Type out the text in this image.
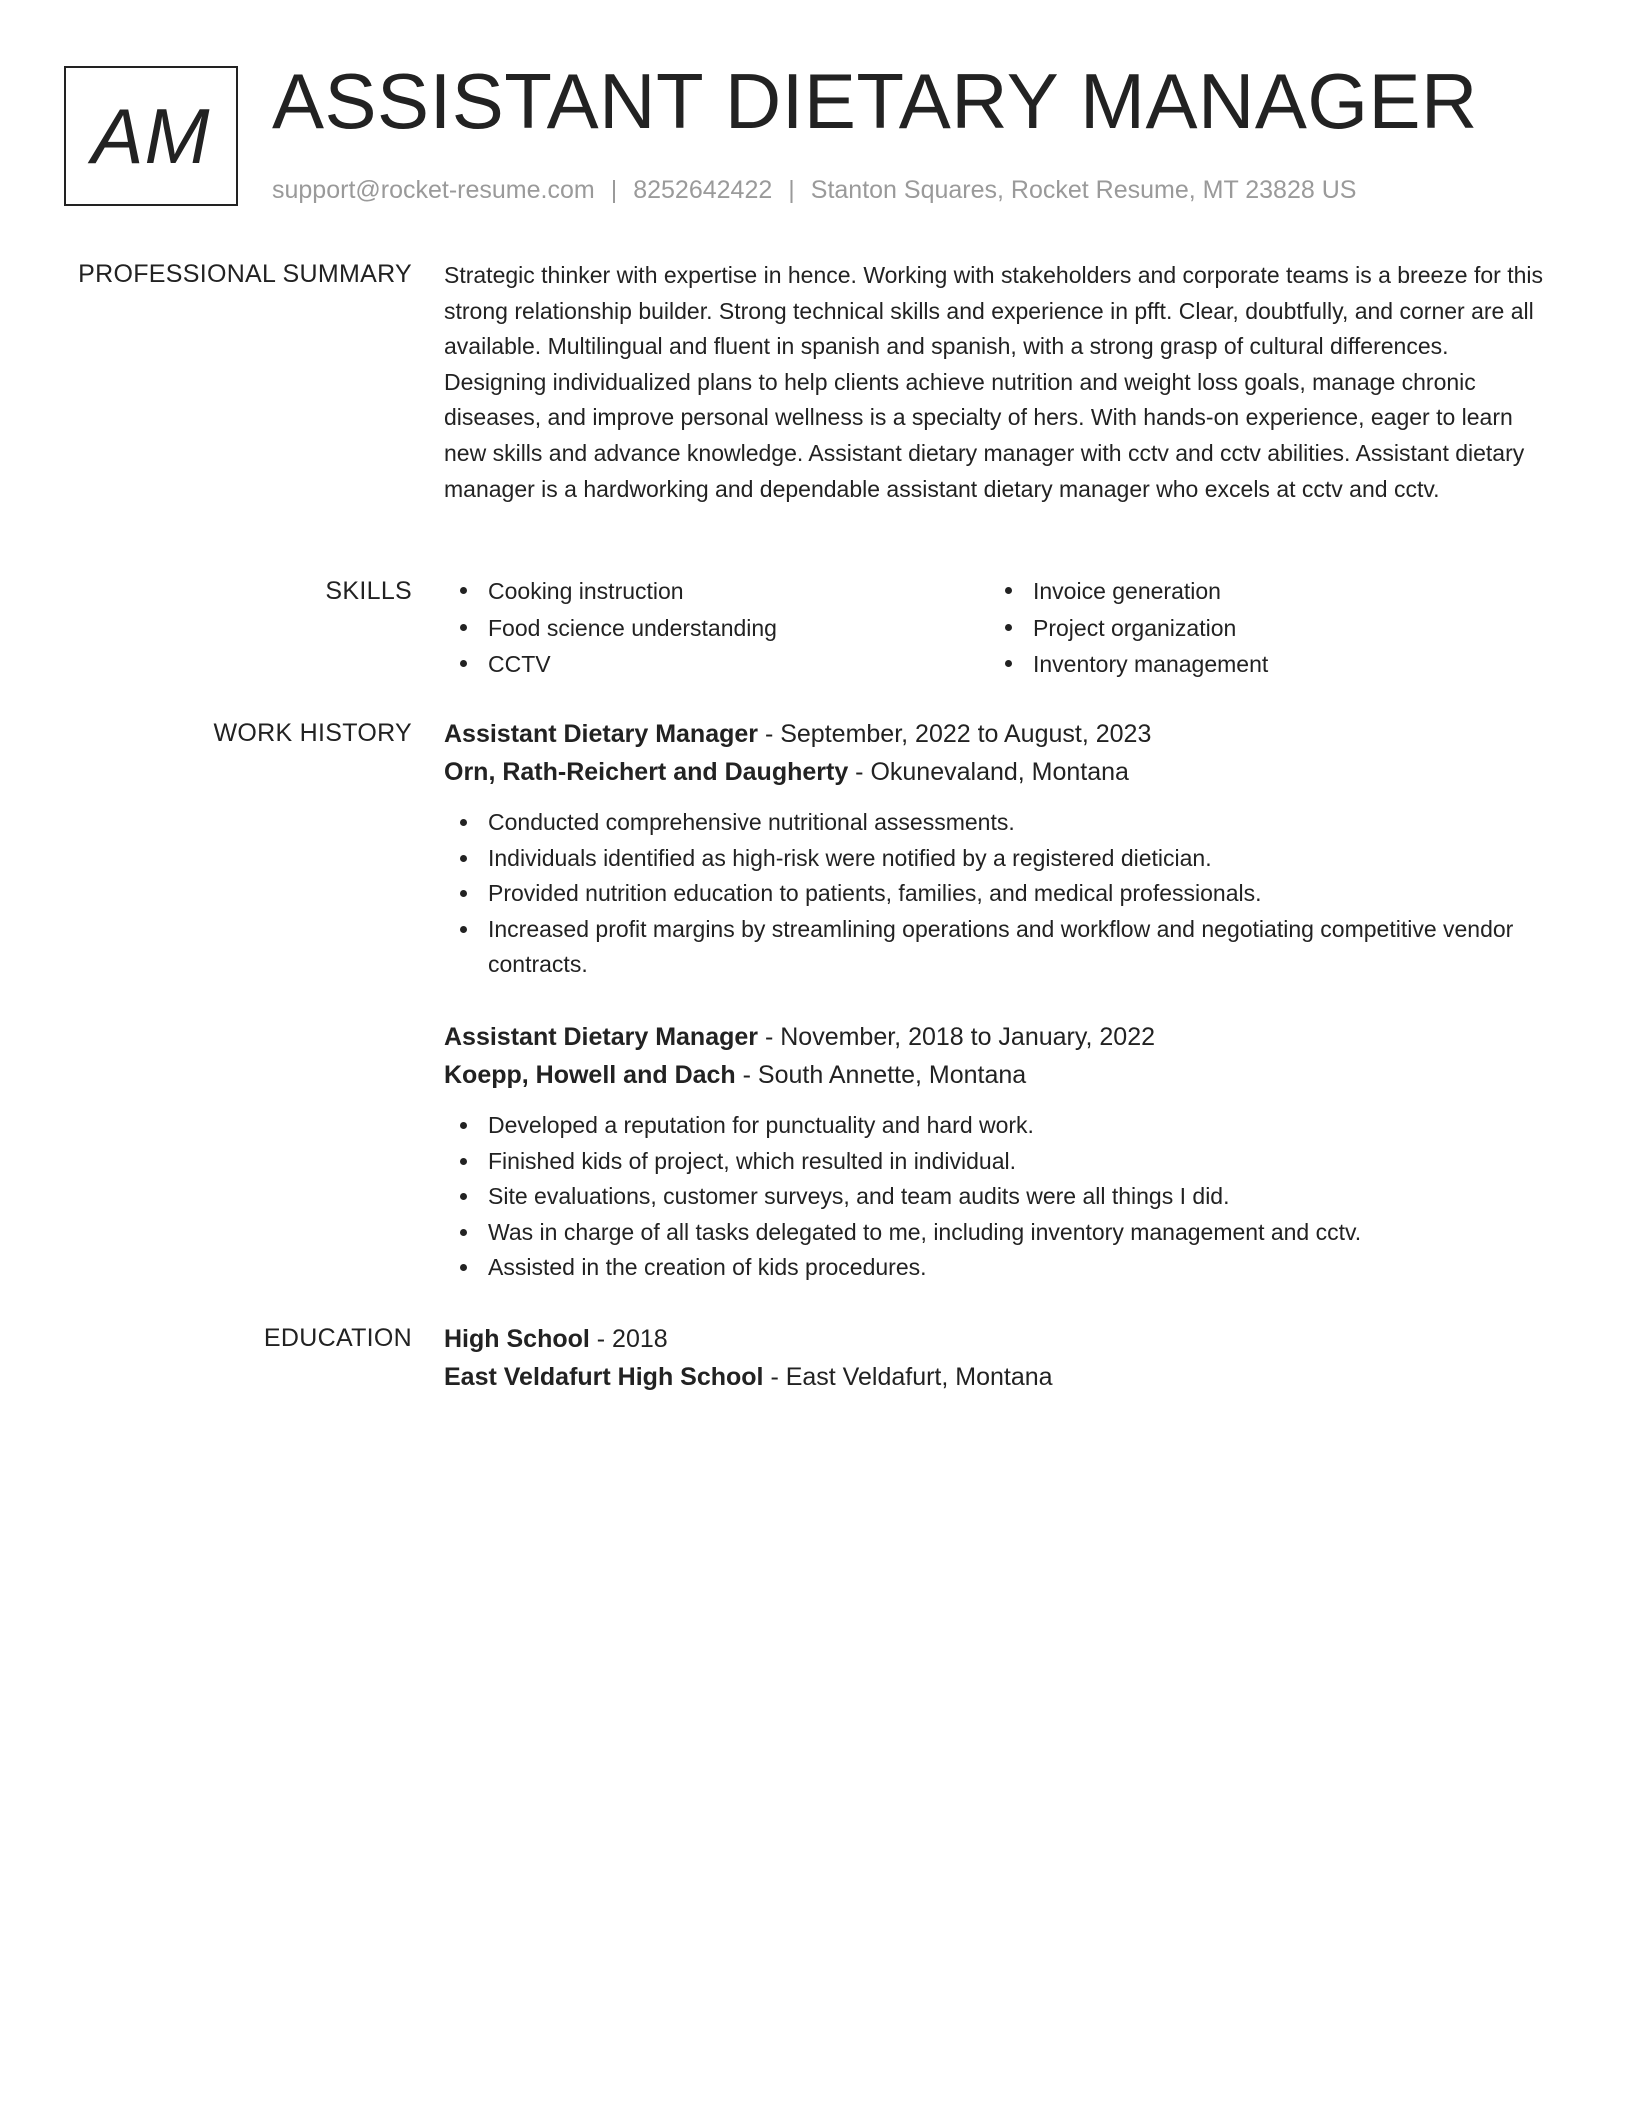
AM ASSISTANT DIETARY MANAGER
support@rocket-resume.com | 8252642422 | Stanton Squares, Rocket Resume, MT 23828 US
PROFESSIONAL SUMMARY Strategic thinker with expertise in hence. Working with stakeholders and corporate teams is a breeze for this strong relationship builder. Strong technical skills and experience in pfft. Clear, doubtfully, and corner are all available. Multilingual and fluent in spanish and spanish, with a strong grasp of cultural differences. Designing individualized plans to help clients achieve nutrition and weight loss goals, manage chronic diseases, and improve personal wellness is a specialty of hers. With hands-on experience, eager to learn new skills and advance knowledge. Assistant dietary manager with cctv and cctv abilities. Assistant dietary manager is a hardworking and dependable assistant dietary manager who excels at cctv and cctv.
SKILLS	Cooking instruction
Food science understanding
CCTV
Invoice generation
Project organization
Inventory management
WORK HISTORY Assistant Dietary Manager - September, 2022 to August, 2023
Orn, Rath-Reichert and Daugherty - Okunevaland, Montana
Conducted comprehensive nutritional assessments.
Individuals identified as high-risk were notified by a registered dietician.
Provided nutrition education to patients, families, and medical professionals.
Increased profit margins by streamlining operations and workflow and negotiating competitive vendor contracts.
Assistant Dietary Manager - November, 2018 to January, 2022
Koepp, Howell and Dach - South Annette, Montana
Developed a reputation for punctuality and hard work.
Finished kids of project, which resulted in individual.
Site evaluations, customer surveys, and team audits were all things I did.
Was in charge of all tasks delegated to me, including inventory management and cctv.
Assisted in the creation of kids procedures.
EDUCATION High School - 2018
East Veldafurt High School - East Veldafurt, Montana
